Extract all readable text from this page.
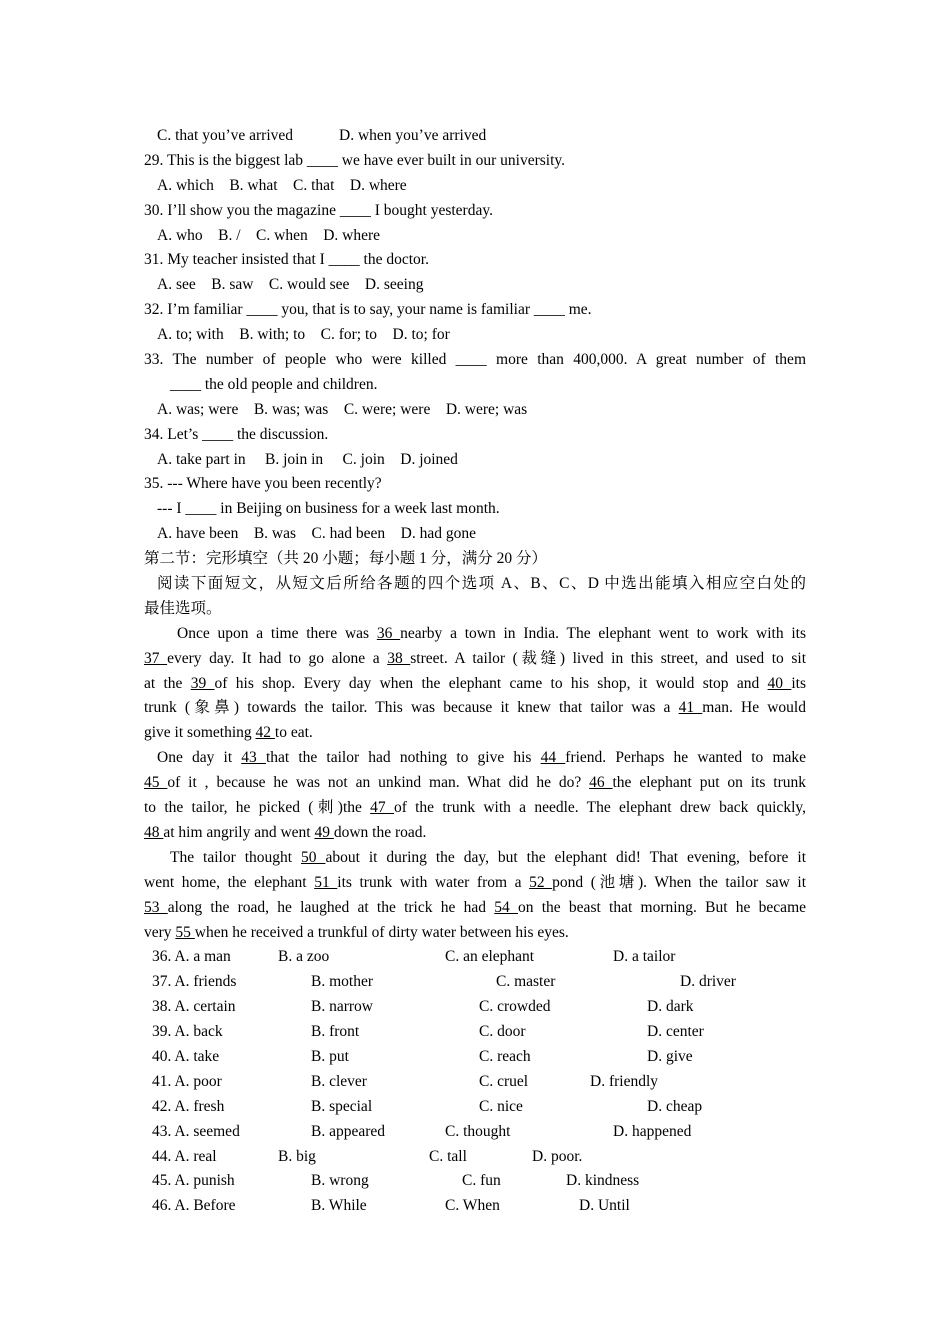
C. that you’ve arrived	D. when you’ve arrived
29. This is the biggest lab ____ we have ever built in our university.
A. which    B. what    C. that    D. where
30. I’ll show you the magazine ____ I bought yesterday.
A. who    B. /    C. when    D. where
31. My teacher insisted that I ____ the doctor.
A. see    B. saw    C. would see    D. seeing
32. I’m familiar ____ you, that is to say, your name is familiar ____ me.
A. to; with    B. with; to    C. for; to    D. to; for
33. The number of people who were killed ____ more than 400,000. A great number of them
____ the old people and children.
A. was; were    B. was; was    C. were; were    D. were; was
34. Let’s ____ the discussion.
A. take part in     B. join in     C. join    D. joined
35. --- Where have you been recently?
--- I ____ in Beijing on business for a week last month.
A. have been    B. was    C. had been    D. had gone
第二节：完形填空（共 20 小题；每小题 1 分，满分 20 分）
阅读下面短文，从短文后所给各题的四个选项 A、B、C、D 中选出能填入相应空白处的
最佳选项。
Once upon a time there was 36 nearby a town in India. The elephant went to work with its
37 every day. It had to go alone a 38 street. A tailor (裁缝) lived in this street, and used to sit
at the 39 of his shop. Every day when the elephant came to his shop, it would stop and 40 its
trunk (象鼻) towards the tailor. This was because it knew that tailor was a 41 man. He would
give it something 42 to eat.
One day it 43 that the tailor had nothing to give his 44 friend. Perhaps he wanted to make
45 of it , because he was not an unkind man. What did he do? 46 the elephant put on its trunk
to the tailor, he picked (刺)the 47 of the trunk with a needle. The elephant drew back quickly,
48 at him angrily and went 49 down the road.
The tailor thought 50 about it during the day, but the elephant did! That evening, before it
went home, the elephant 51 its trunk with water from a 52 pond (池塘). When the tailor saw it
53 along the road, he laughed at the trick he had 54 on the beast that morning. But he became
very 55 when he received a trunkful of dirty water between his eyes.
36. A. a man	B. a zoo	C. an elephant	D. a tailor
37. A. friends	B. mother	C. master	D. driver
38. A. certain	B. narrow	C. crowded	D. dark
39. A. back	B. front	C. door	D. center
40. A. take	B. put	C. reach	D. give
41. A. poor	B. clever	C. cruel	D. friendly
42. A. fresh	B. special	C. nice	D. cheap
43. A. seemed	B. appeared	C. thought	D. happened
44. A. real	B. big	C. tall	D. poor.
45. A. punish	B. wrong	C. fun	D. kindness
46. A. Before	B. While	C. When	D. Until
